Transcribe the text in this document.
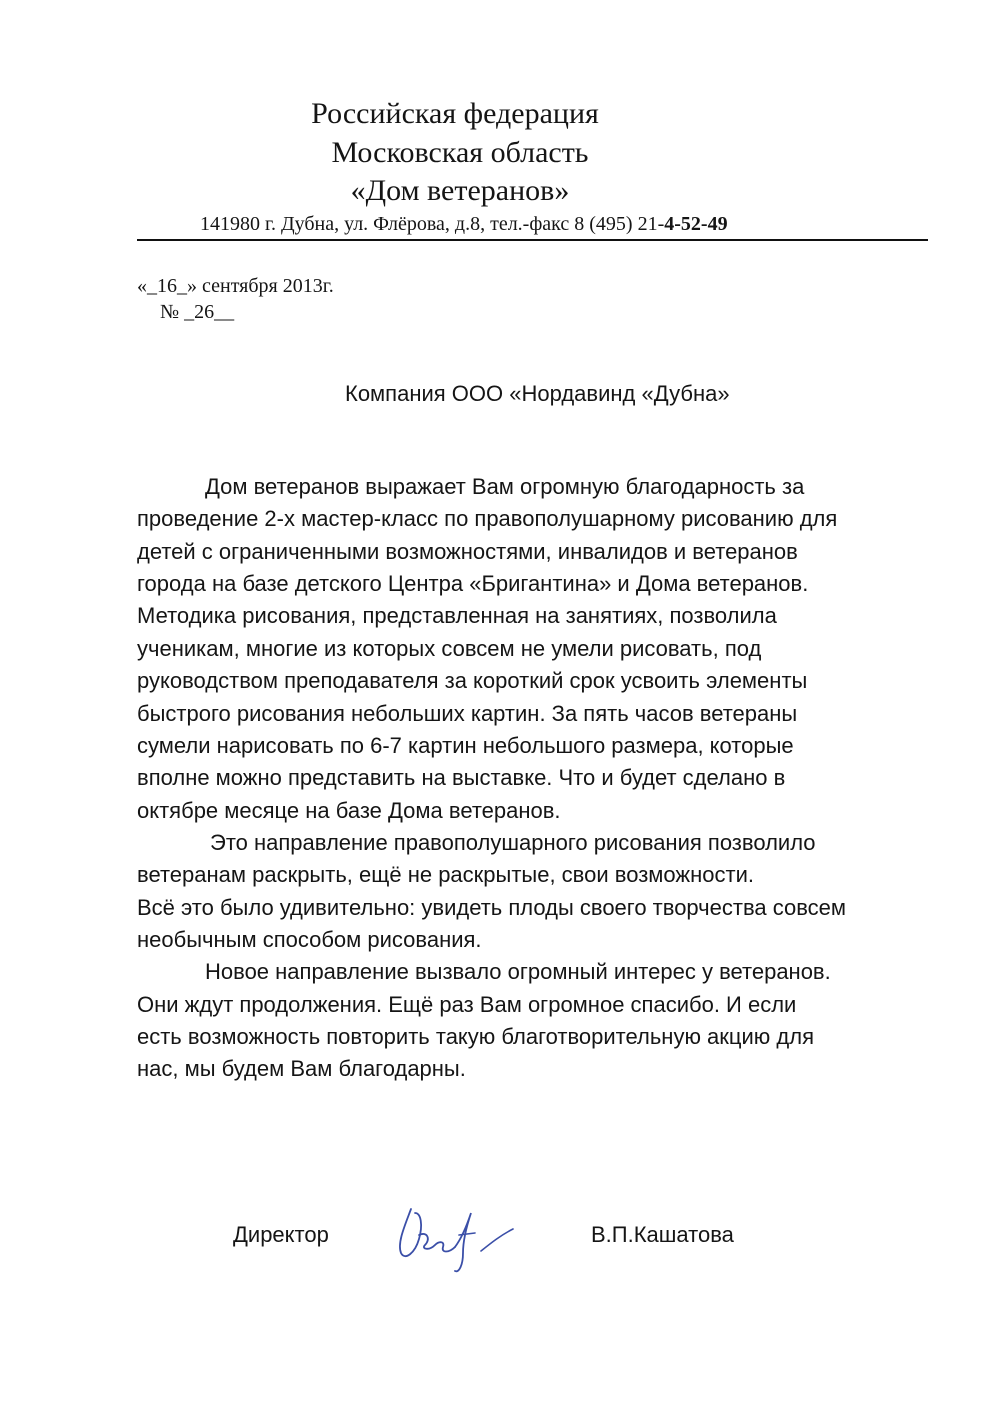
Российская федерация
Московская область
«Дом ветеранов»
141980 г. Дубна, ул. Флёрова, д.8, тел.-факс 8 (495) 21-4-52-49
«_16_» сентября 2013г.
№ _26__
Компания ООО «Нордавинд «Дубна»
Дом ветеранов выражает Вам огромную благодарность за
проведение 2-х мастер-класс по правополушарному рисованию для
детей с ограниченными возможностями, инвалидов и ветеранов
города на базе детского Центра «Бригантина» и Дома ветеранов.
Методика рисования, представленная на занятиях, позволила
ученикам, многие из которых совсем не умели рисовать, под
руководством преподавателя за короткий срок усвоить элементы
быстрого рисования небольших картин. За пять часов ветераны
сумели нарисовать по 6-7 картин небольшого размера, которые
вполне можно представить на выставке. Что и будет сделано в
октябре месяце на базе Дома ветеранов.
Это направление правополушарного рисования позволило
ветеранам раскрыть, ещё не раскрытые, свои возможности.
Всё это было удивительно: увидеть плоды своего творчества совсем
необычным способом рисования.
Новое направление вызвало огромный интерес у ветеранов.
Они ждут продолжения. Ещё раз Вам огромное спасибо. И если
есть возможность повторить такую благотворительную акцию для
нас, мы будем Вам благодарны.
Директор	В.П.Кашатова
